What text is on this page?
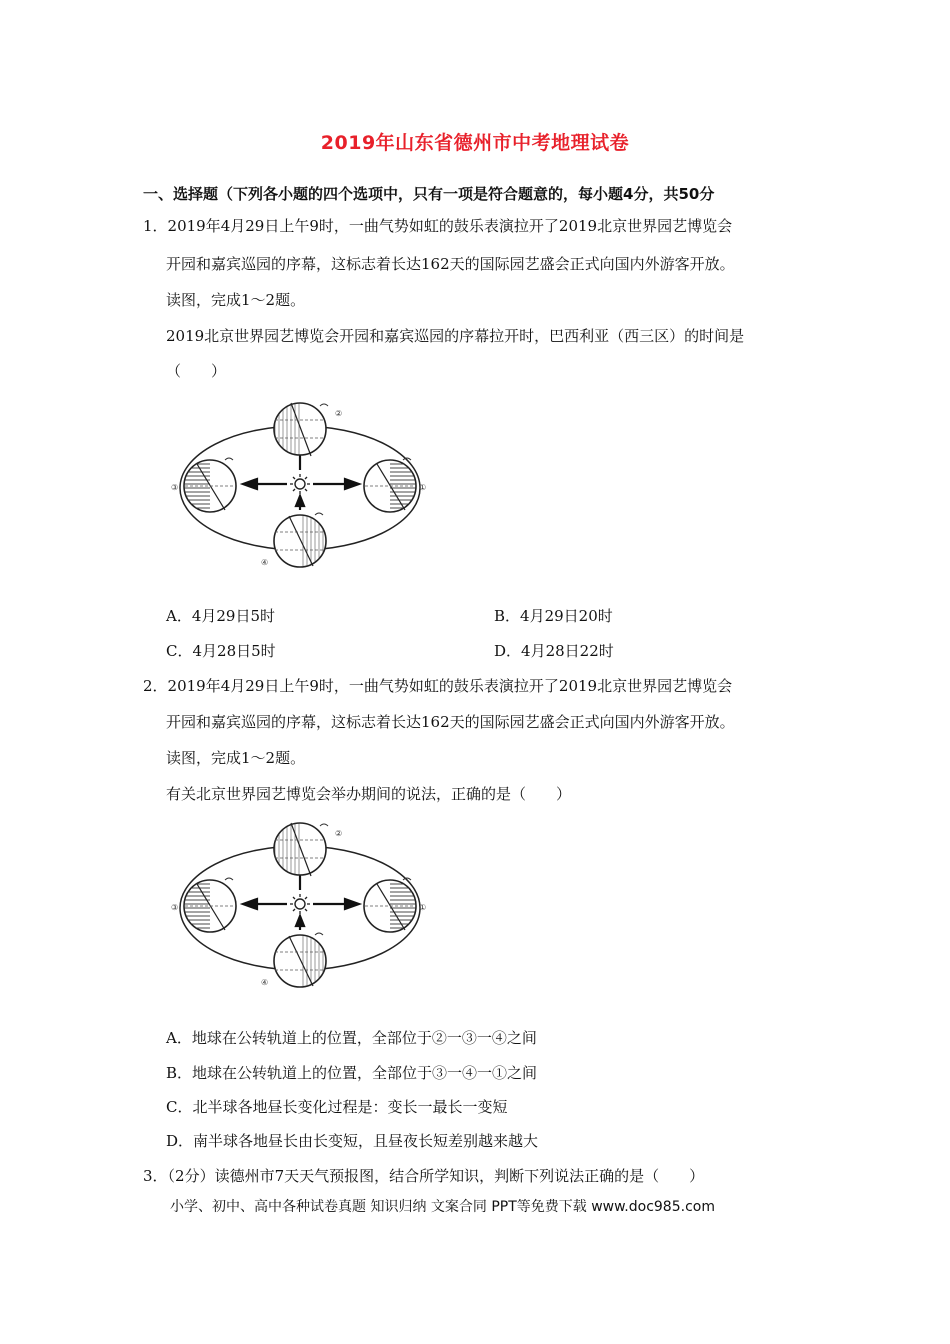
2019年山东省德州市中考地理试卷
一、选择题（下列各小题的四个选项中，只有一项是符合题意的，每小题4分，共50分
1．2019年4月29日上午9时，一曲气势如虹的鼓乐表演拉开了2019北京世界园艺博览会
开园和嘉宾巡园的序幕，这标志着长达162天的国际园艺盛会正式向国内外游客开放。
读图，完成1～2题。
2019北京世界园艺博览会开园和嘉宾巡园的序幕拉开时，巴西利亚（西三区）的时间是
（　　）
A．4月29日5时	B．4月29日20时
C．4月28日5时	D．4月28日22时
2．2019年4月29日上午9时，一曲气势如虹的鼓乐表演拉开了2019北京世界园艺博览会
开园和嘉宾巡园的序幕，这标志着长达162天的国际园艺盛会正式向国内外游客开放。
读图，完成1～2题。
有关北京世界园艺博览会举办期间的说法，正确的是（　　）
A．地球在公转轨道上的位置，全部位于②一③一④之间
B．地球在公转轨道上的位置，全部位于③一④一①之间
C．北半球各地昼长变化过程是：变长一最长一变短
D．南半球各地昼长由长变短，且昼夜长短差别越来越大
3．（2分）读德州市7天天气预报图，结合所学知识，判断下列说法正确的是（　　）
小学、初中、高中各种试卷真题 知识归纳 文案合同 PPT等免费下载 www.doc985.com
